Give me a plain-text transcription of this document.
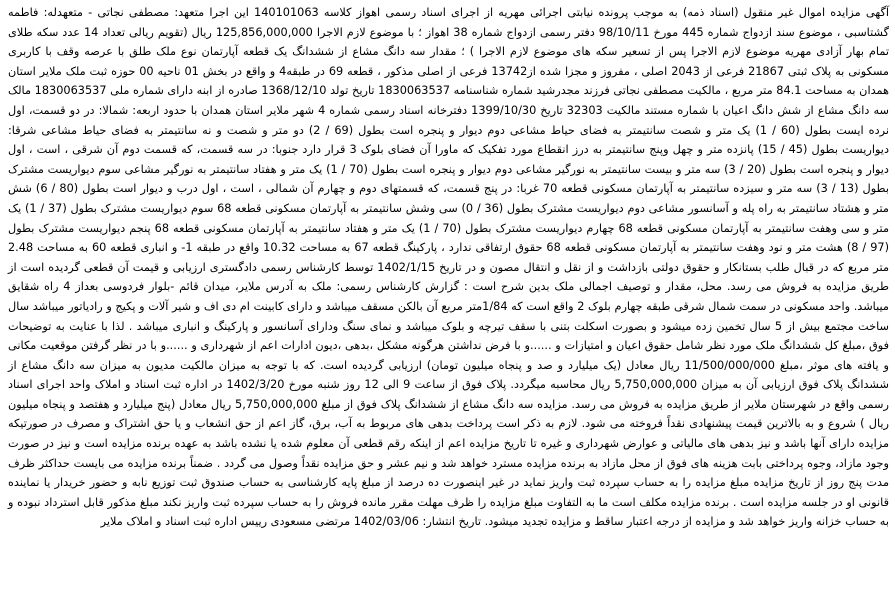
آگهی مزایده اموال غیر منقول (اسناد ذمه) به موجب پرونده نیابتی اجرائی مهریه از اجرای اسناد رسمی اهواز کلاسه 140101063 این اجرا متعهد: مصطفی نجاتی - متعهدله: فاطمه گشتاسبی ، موضوع سند ازدواج شماره 445 مورخ 98/10/11 دفتر رسمی ازدواج شماره 38 اهواز ؛ با موضوع لازم الاجرا 125,856,000,000 ریال (تقویم ریالی تعداد 14 عدد سکه طلای تمام بهار آزادی مهریه موضوع لازم الاجرا پس از تسعیر سکه های موضوع لازم الاجرا ) ؛ مقدار سه دانگ مشاع از ششدانگ یک قطعه آپارتمان نوع ملک طلق با عرصه وقف با کاربری مسکونی به پلاک ثبتی 21867 فرعی از 2043 اصلی ، مفروز و مجزا شده از13742 فرعی از اصلی مذکور ، قطعه 69 در طبقه4 و واقع در بخش 01 ناحیه 00 حوزه ثبت ملک ملایر استان همدان به مساحت 84.1 متر مربع ، مالکیت مصطفی نجاتی فرزند مجدرشید شماره شناسنامه 1830063537 تاریخ تولد 1368/12/10 صادره از ابنه دارای شماره ملی 1830063537 مالک سه دانگ مشاع از شش دانگ اعیان با شماره مستند مالکیت 32303 تاریخ 1399/10/30 دفترخانه اسناد رسمی شماره 4 شهر ملایر استان همدان با حدود اربعه: شمالا: در دو قسمت، اول نرده ایست بطول (60 / 1) یک متر و شصت سانتیمتر به فضای حیاط مشاعی دوم دیوار و پنجره است بطول (69 / 2) دو متر و شصت و نه سانتیمتر به فضای حیاط مشاعی شرقا: دیواریست بطول (45 / 15) پانزده متر و چهل وپنج سانتیمتر به درز انقطاع مورد تفکیک که ماورا آن فضای بلوک 3 قرار دارد جنوبا: در سه قسمت، که قسمت دوم آن شرقی ، است ، اول دیوار و پنجره است بطول (20 / 3) سه متر و بیست سانتیمتر به نورگیر مشاعی دوم دیوار و پنجره است بطول (70 / 1) یک متر و هفتاد سانتیمتر به نورگیر مشاعی سوم دیواریست مشترک بطول (13 / 3) سه متر و سیزده سانتیمتر به آپارتمان مسکونی قطعه 70 غربا: در پنج قسمت، که قسمتهای دوم و چهارم آن شمالی ، است ، اول درب و دیوار است بطول (80 / 6) شش متر و هشتاد سانتیمتر به راه پله و آسانسور مشاعی دوم دیواریست مشترک بطول (36 / 0) سی وشش سانتیمتر به آپارتمان مسکونی قطعه 68 سوم دیواریست مشترک بطول (37 / 1) یک متر و سی وهفت سانتیمتر به آپارتمان مسکونی قطعه 68 چهارم دیواریست مشترک بطول (70 / 1) یک متر و هفتاد سانتیمتر به آپارتمان مسکونی قطعه 68 پنجم دیواریست مشترک بطول (97 / 8) هشت متر و نود وهفت سانتیمتر به آپارتمان مسکونی قطعه 68 حقوق ارتفاقی ندارد ، پارکینگ قطعه 67 به مساحت 10.32 واقع در طبقه 1- و انباری قطعه 60 به مساحت 2.48 متر مربع که در قبال طلب بستانکار و حقوق دولتی بازداشت و از نقل و انتقال مصون و در تاریخ 1402/1/15 توسط کارشناس رسمی دادگستری ارزیابی و قیمت آن قطعی گردیده است از طریق مزایده به فروش می رسد. محل، مقدار و توصیف اجمالی ملک بدین شرح است : گزارش کارشناس رسمی: ملک به آدرس ملایر، میدان قائم -بلوار فردوسی بعداز 4 راه شقایق میباشد. واحد مسکونی در سمت شمال شرقی طبقه چهارم بلوک 2 واقع است که 1/84متر مربع آن بالکن مسقف میباشد و دارای کابینت ام دی اف و شیر آلات و پکیج و رادیاتور میباشد سال ساخت مجتمع بیش از 5 سال تخمین زده میشود و بصورت اسکلت بتنی با سقف تیرچه و بلوک میباشد و نمای سنگ ودارای آسانسور و پارکینگ و انباری میباشد . لذا با عنایت به توضیحات فوق ،مبلغ کل ششدانگ ملک مورد نظر شامل حقوق اعیان و امتیازات و ......و با فرض نداشتن هرگونه مشکل ،بدهی ،دیون ادارات اعم از شهرداری و ......و با در نظر گرفتن موقعیت مکانی و یافته های موثر ،مبلغ 11/500/000/000 ریال معادل (یک میلیارد و صد و پنجاه میلیون تومان) ارزیابی گردیده است. که با توجه به میزان مالکیت مدیون به میزان سه دانگ مشاع از ششدانگ پلاک فوق ارزیابی آن به میزان 5,750,000,000 ریال محاسبه میگردد. پلاک فوق از ساعت 9 الی 12 روز شنبه مورخ 1402/3/20 در اداره ثبت اسناد و املاک واحد اجرای اسناد رسمی واقع در شهرستان ملایر از طریق مزایده به فروش می رسد. مزایده سه دانگ مشاع از ششدانگ پلاک فوق از مبلغ 5,750,000,000 ریال معادل (پنج میلیارد و هفتصد و پنجاه میلیون ریال ) شروع و به بالاترین قیمت پیشنهادی نقداً فروخته می شود. لازم به ذکر است پرداخت بدهی های مربوط به آب، برق، گاز اعم از حق انشعاب و یا حق اشتراک و مصرف در صورتیکه مزایده دارای آنها باشد و نیز بدهی های مالیاتی و عوارض شهرداری و غیره تا تاریخ مزایده اعم از اینکه رقم قطعی آن معلوم شده یا نشده باشد به عهده برنده مزایده است و نیز در صورت وجود مازاد، وجوه پرداختی بابت هزینه های فوق از محل مازاد به برنده مزایده مسترد خواهد شد و نیم عشر و حق مزایده نقداً وصول می گردد . ضمناً برنده مزایده می بایست حداکثر ظرف مدت پنج روز از تاریخ مزایده مبلغ مزایده را به حساب سپرده ثبت واریز نماید در غیر اینصورت ده درصد از مبلغ پایه کارشناسی به حساب صندوق ثبت توزیع نابه و حضور خریدار یا نماینده قانونی او در جلسه مزایده است . برنده مزایده مکلف است ما به التفاوت مبلغ مزایده را ظرف مهلت مقرر مانده فروش را به حساب سپرده ثبت واریز نکند مبلغ مذکور قابل استرداد نبوده و به حساب خزانه واریز خواهد شد و مزایده از درجه اعتبار ساقط و مزایده تجدید میشود. تاریخ انتشار: 1402/03/06 مرتضی مسعودی رییس اداره ثبت اسناد و املاک ملایر
